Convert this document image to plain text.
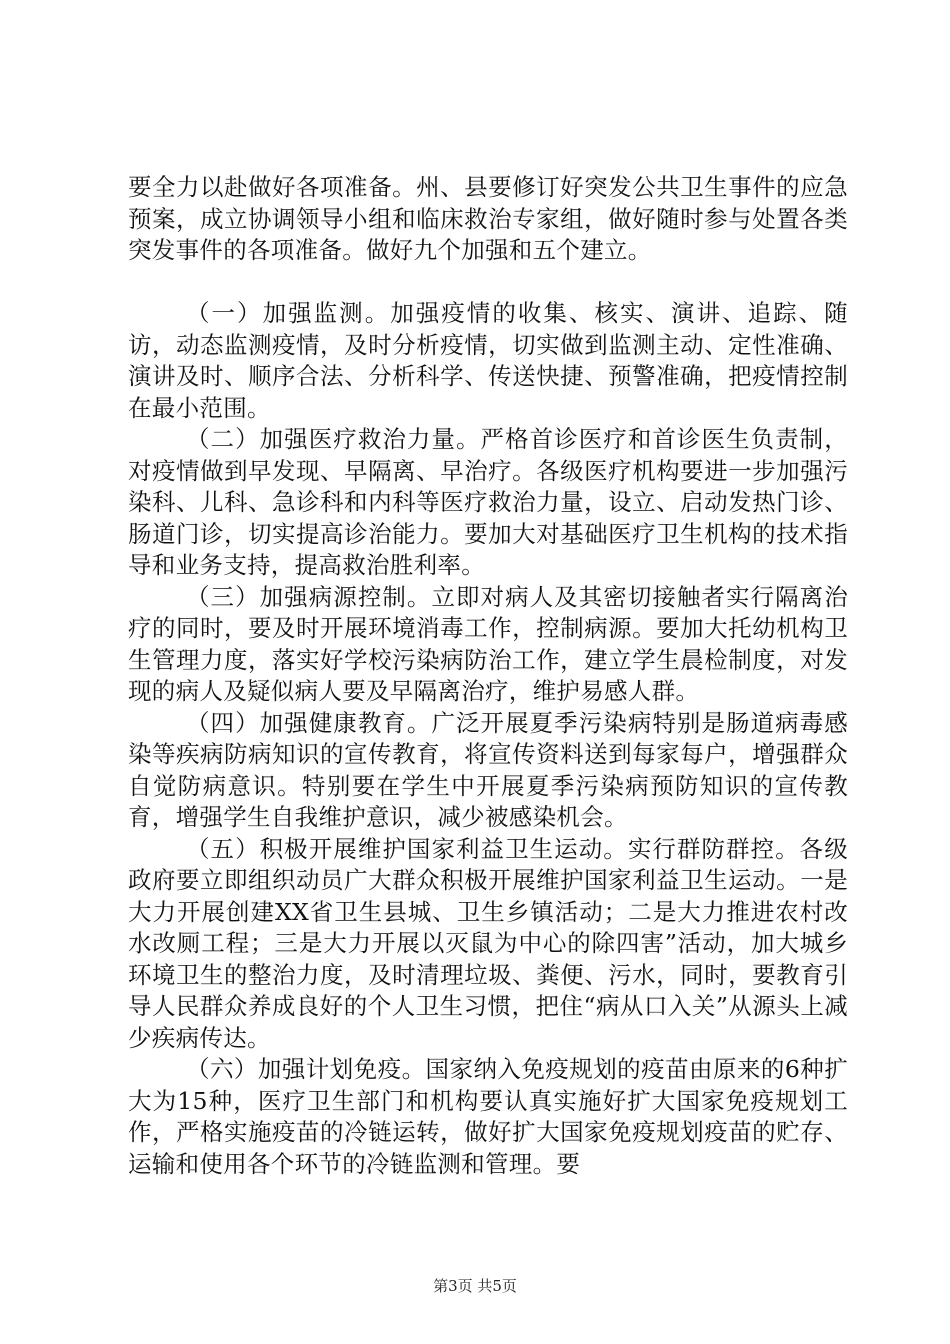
要全力以赴做好各项准备。州、县要修订好突发公共卫生事件的应急预案，成立协调领导小组和临床救治专家组，做好随时参与处置各类突发事件的各项准备。做好九个加强和五个建立。

（一）加强监测。加强疫情的收集、核实、演讲、追踪、随访，动态监测疫情，及时分析疫情，切实做到监测主动、定性准确、演讲及时、顺序合法、分析科学、传送快捷、预警准确，把疫情控制在最小范围。

（二）加强医疗救治力量。严格首诊医疗和首诊医生负责制，对疫情做到早发现、早隔离、早治疗。各级医疗机构要进一步加强污染科、儿科、急诊科和内科等医疗救治力量，设立、启动发热门诊、肠道门诊，切实提高诊治能力。要加大对基础医疗卫生机构的技术指导和业务支持，提高救治胜利率。

（三）加强病源控制。立即对病人及其密切接触者实行隔离治疗的同时，要及时开展环境消毒工作，控制病源。要加大托幼机构卫生管理力度，落实好学校污染病防治工作，建立学生晨检制度，对发现的病人及疑似病人要及早隔离治疗，维护易感人群。

（四）加强健康教育。广泛开展夏季污染病特别是肠道病毒感染等疾病防病知识的宣传教育，将宣传资料送到每家每户，增强群众自觉防病意识。特别要在学生中开展夏季污染病预防知识的宣传教育，增强学生自我维护意识，减少被感染机会。

（五）积极开展维护国家利益卫生运动。实行群防群控。各级政府要立即组织动员广大群众积极开展维护国家利益卫生运动。一是大力开展创建XX省卫生县城、卫生乡镇活动；二是大力推进农村改水改厕工程；三是大力开展以灭鼠为中心的除四害”活动，加大城乡环境卫生的整治力度，及时清理垃圾、粪便、污水，同时，要教育引导人民群众养成良好的个人卫生习惯，把住“病从口入关”从源头上减少疾病传达。

（六）加强计划免疫。国家纳入免疫规划的疫苗由原来的6种扩大为15种，医疗卫生部门和机构要认真实施好扩大国家免疫规划工作，严格实施疫苗的冷链运转，做好扩大国家免疫规划疫苗的贮存、运输和使用各个环节的冷链监测和管理。要

第3页 共5页
